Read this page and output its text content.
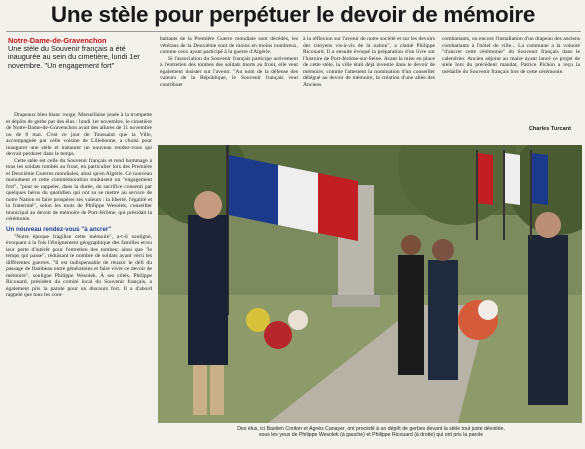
Une stèle pour perpétuer le devoir de mémoire
Notre-Dame-de-Gravenchon
Une stèle du Souvenir français a été inaugurée au sein du cimetière, lundi 1er novembre. "Un engagement fort"

Drapeaux bleu blanc rouge, Marseillaise jouée à la trompette et dépôts de gerbe par des élus : lundi 1er novembre, le cimetière de Notre-Dame-de-Gravenchon avait des allures de 11 novembre ou de 8 mai. C'est ce jour de Toussaint que la Ville, accompagnée par celle voisine de Lillebonne, a choisi pour inaugurer une stèle et instaurer un nouveau rendez-vous qui devrait perdurer dans le temps.

Cette stèle est celle du Souvenir français et rend hommage à tous les soldats tombés au front, en particulier lors des Première et Deuxième Guerres mondiales, ainsi qu'en Algérie. Ce nouveau monument et cette commémoration traduisent un "engagement fort", "pour se rappeler, dans la durée, du sacrifice consenti par quelques héros du quotidien qui ont su se mettre au service de notre Nation et faire prospérer ses valeurs : la liberté, l'égalité et la fraternité", selon les mots de Philippe Wesolek, conseiller municipal au devoir de mémoire de Port-Jérôme, qui présidait la cérémonie.

Un nouveau rendez-vous "à ancrer"

"Notre époque fragilise cette mémoire", a-t-il souligné, évoquant à la fois l'éloignement géographique des familles et/ou leur perte d'intérêt pour l'entretien des tombes; ainsi que "le temps qui passe", réduisant le nombre de soldats ayant vécu les différentes guerres. "Il est indispensable de réussir le défi du passage de flambeau entre générations et faire vivre ce devoir de mémoire", souligne Philippe Wesolek. À ses côtés, Philippe Ricouard, président du comité local du Souvenir français, a également pris la parole pour un discours fort. Il a d'abord rappelé que tous les com-

battants de la Première Guerre mondiale sont décédés, les vétérans de la Deuxième sont de moins en moins nombreux, comme ceux ayant participé à la guerre d'Algérie.

Si l'association du Souvenir français participe activement à l'entretien des tombes des soldats morts au front, elle veut également insister sur l'avenir. "Au nom de la défense des valeurs de la République, le Souvenir français veut contribuer

à la réflexion sur l'avenir de notre société et sur les devoirs des citoyens vis-à-vis de la nation", a clamé Philippe Ricouard. Il a ensuite évoqué la préparation d'un livre sur l'histoire de Port-Jérôme-sur-Seine. Avant la mise en place de cette stèle, la ville était déjà investie dans le devoir de mémoire, comme l'attestent la nomination d'un conseiller délégué au devoir de mémoire, la création d'une allée des Anciens

combattants, ou encore l'installation d'un drapeau des anciens combattants à l'hôtel de ville... La commune a la volonté "d'ancrer cette cérémonie" du Souvenir français dans le calendrier. Ancien adjoint au maire ayant lancé ce projet de stèle lors du précédent mandat, Patrice Pichon a reçu la médaille du Souvenir français lors de cette cérémonie.

Charles Turcant
Des élus, ici Bastien Coriton et Agnès Canayer, ont procédé à un dépôt de gerbes devant la stèle tout juste dévoilée,
sous les yeux de Philippe Wesolek (à gauche) et Philippe Ricouard (à droite) qui ont pris la parole
